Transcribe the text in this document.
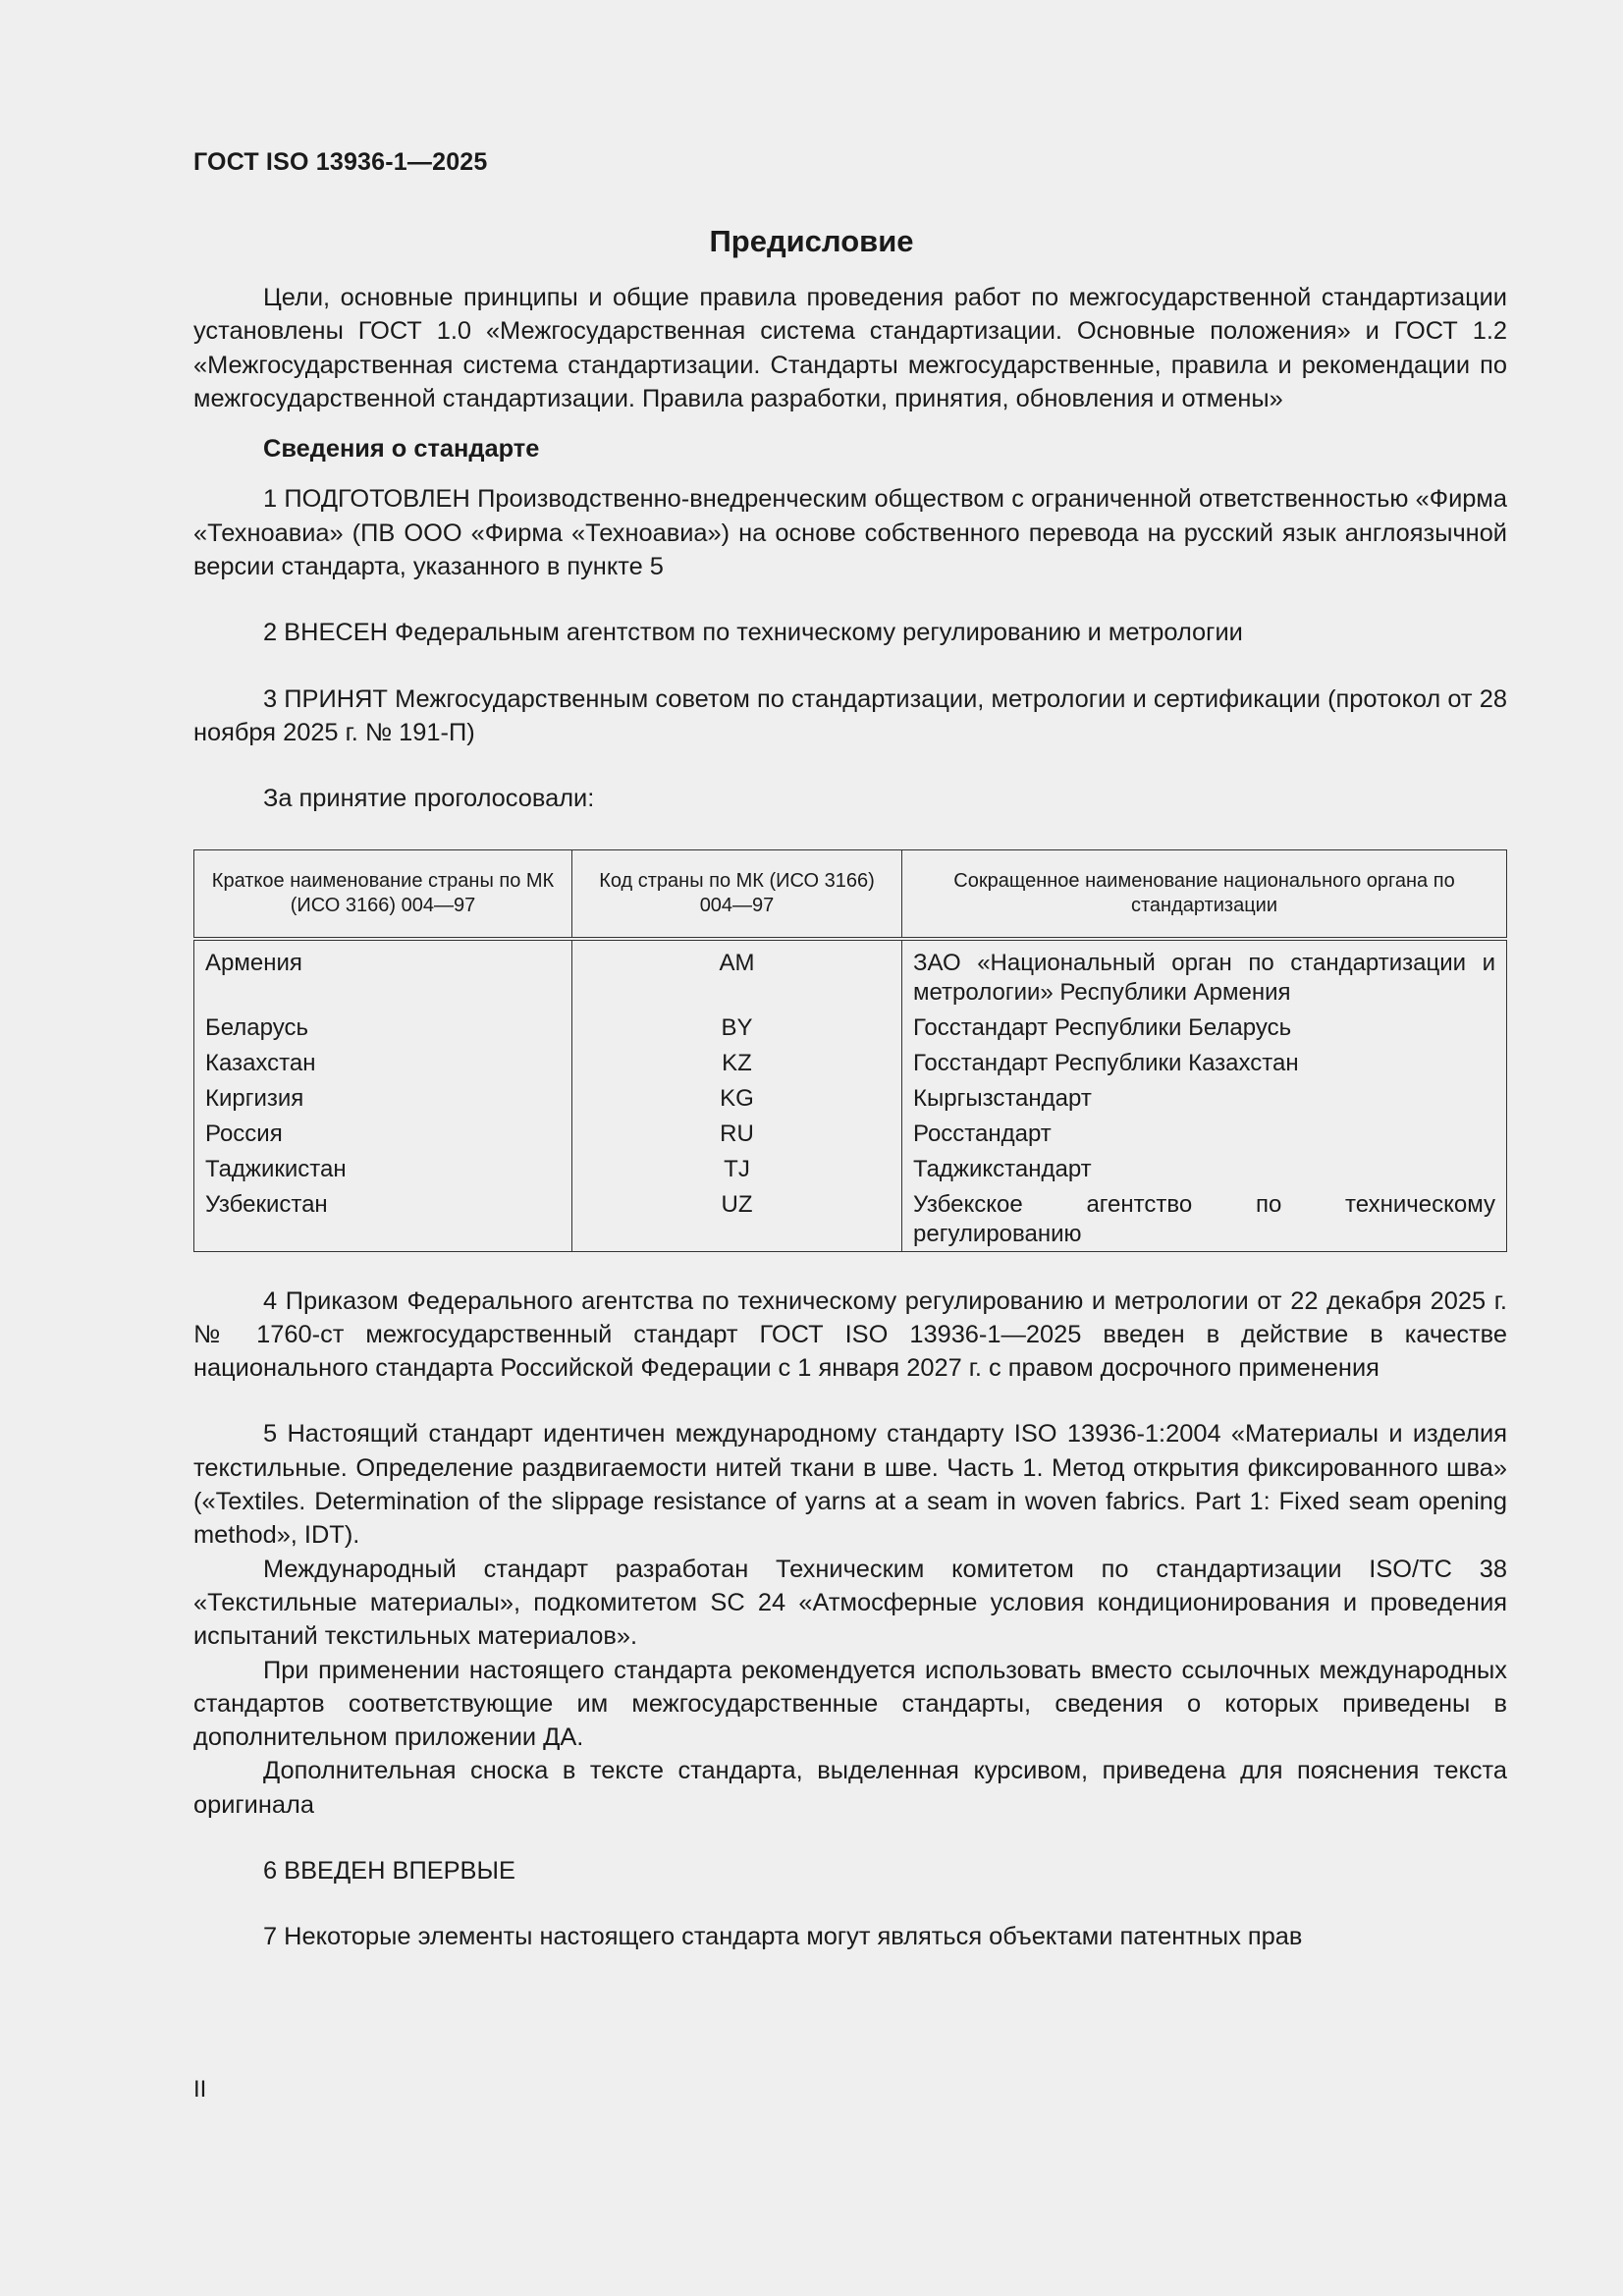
ГОСТ ISO 13936-1—2025
Предисловие

Цели, основные принципы и общие правила проведения работ по межгосударственной стандартизации установлены ГОСТ 1.0 «Межгосударственная система стандартизации. Основные положения» и ГОСТ 1.2 «Межгосударственная система стандартизации. Стандарты межгосударственные, правила и рекомендации по межгосударственной стандартизации. Правила разработки, принятия, обновления и отмены»

Сведения о стандарте

1 ПОДГОТОВЛЕН Производственно-внедренческим обществом с ограниченной ответственностью «Фирма «Техноавиа» (ПВ ООО «Фирма «Техноавиа») на основе собственного перевода на русский язык англоязычной версии стандарта, указанного в пункте 5

2 ВНЕСЕН Федеральным агентством по техническому регулированию и метрологии

3 ПРИНЯТ Межгосударственным советом по стандартизации, метрологии и сертификации (протокол от 28 ноября 2025 г. № 191-П)

За принятие проголосовали:

Краткое наименование страны по МК (ИСО 3166) 004—97	Код страны по МК (ИСО 3166) 004—97	Сокращенное наименование национального органа по стандартизации
Армения	AM	ЗАО «Национальный орган по стандартизации и метрологии» Республики Армения
Беларусь	BY	Госстандарт Республики Беларусь
Казахстан	KZ	Госстандарт Республики Казахстан
Киргизия	KG	Кыргызстандарт
Россия	RU	Росстандарт
Таджикистан	TJ	Таджикстандарт
Узбекистан	UZ	Узбекское агентство по техническому регулированию

4 Приказом Федерального агентства по техническому регулированию и метрологии от 22 декабря 2025 г. № 1760-ст межгосударственный стандарт ГОСТ ISO 13936-1—2025 введен в действие в качестве национального стандарта Российской Федерации с 1 января 2027 г. с правом досрочного применения

5 Настоящий стандарт идентичен международному стандарту ISO 13936-1:2004 «Материалы и изделия текстильные. Определение раздвигаемости нитей ткани в шве. Часть 1. Метод открытия фиксированного шва» («Textiles. Determination of the slippage resistance of yarns at a seam in woven fabrics. Part 1: Fixed seam opening method», IDT).

Международный стандарт разработан Техническим комитетом по стандартизации ISO/TC 38 «Текстильные материалы», подкомитетом SC 24 «Атмосферные условия кондиционирования и проведения испытаний текстильных материалов».

При применении настоящего стандарта рекомендуется использовать вместо ссылочных международных стандартов соответствующие им межгосударственные стандарты, сведения о которых приведены в дополнительном приложении ДА.

Дополнительная сноска в тексте стандарта, выделенная курсивом, приведена для пояснения текста оригинала

6 ВВЕДЕН ВПЕРВЫЕ

7 Некоторые элементы настоящего стандарта могут являться объектами патентных прав

II
